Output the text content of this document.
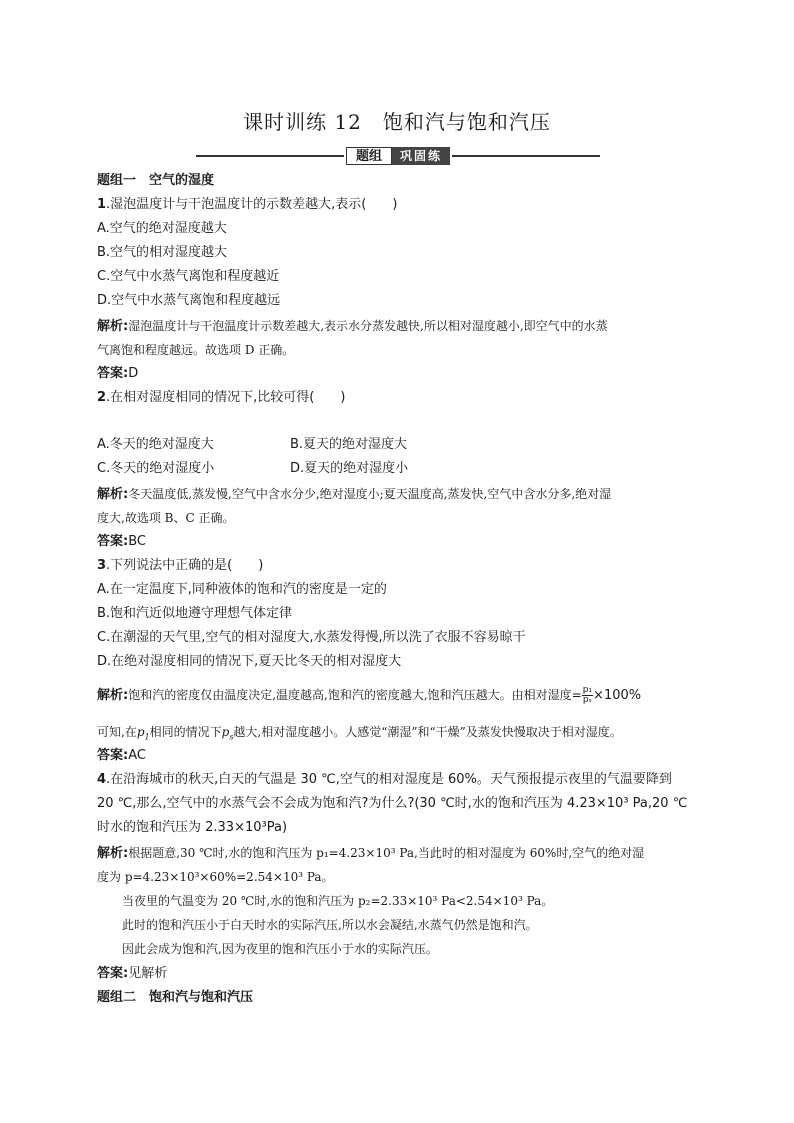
课时训练 12　饱和汽与饱和汽压
题组	巩固练
题组一　空气的湿度
1.湿泡温度计与干泡温度计的示数差越大,表示(　　)
A.空气的绝对湿度越大
B.空气的相对湿度越大
C.空气中水蒸气离饱和程度越近
D.空气中水蒸气离饱和程度越远
解析:湿泡温度计与干泡温度计示数差越大,表示水分蒸发越快,所以相对湿度越小,即空气中的水蒸
气离饱和程度越远。故选项 D 正确。
答案:D
2.在相对湿度相同的情况下,比较可得(　　)
A.冬天的绝对湿度大	B.夏天的绝对湿度大
C.冬天的绝对湿度小	D.夏天的绝对湿度小
解析:冬天温度低,蒸发慢,空气中含水分少,绝对湿度小;夏天温度高,蒸发快,空气中含水分多,绝对湿
度大,故选项 B、C 正确。
答案:BC
3.下列说法中正确的是(　　)
A.在一定温度下,同种液体的饱和汽的密度是一定的
B.饱和汽近似地遵守理想气体定律
C.在潮湿的天气里,空气的相对湿度大,水蒸发得慢,所以洗了衣服不容易晾干
D.在绝对湿度相同的情况下,夏天比冬天的相对湿度大
解析:饱和汽的密度仅由温度决定,温度越高,饱和汽的密度越大,饱和汽压越大。由相对湿度= $\frac{\text{p₁}}{\text{pₛ}} \times 100\%$
可知,在$p_1$相同的情况下$p_s$越大,相对湿度越小。人感觉“潮湿”和“干燥”及蒸发快慢取决于相对湿度。
答案:AC
4.在沿海城市的秋天,白天的气温是 30 ℃,空气的相对湿度是 60%。天气预报提示夜里的气温要降到
20 ℃,那么,空气中的水蒸气会不会成为饱和汽?为什么?(30 ℃时,水的饱和汽压为 4.23×10³ Pa,20 ℃
时水的饱和汽压为 2.33×10³Pa)
解析:根据题意,30 ℃时,水的饱和汽压为 p₁=4.23×10³ Pa,当此时的相对湿度为 60%时,空气的绝对湿
度为 p=4.23×10³×60%=2.54×10³ Pa。
当夜里的气温变为 20 ℃时,水的饱和汽压为 p₂=2.33×10³ Pa<2.54×10³ Pa。
此时的饱和汽压小于白天时水的实际汽压,所以水会凝结,水蒸气仍然是饱和汽。
因此会成为饱和汽,因为夜里的饱和汽压小于水的实际汽压。
答案:见解析
题组二　饱和汽与饱和汽压
